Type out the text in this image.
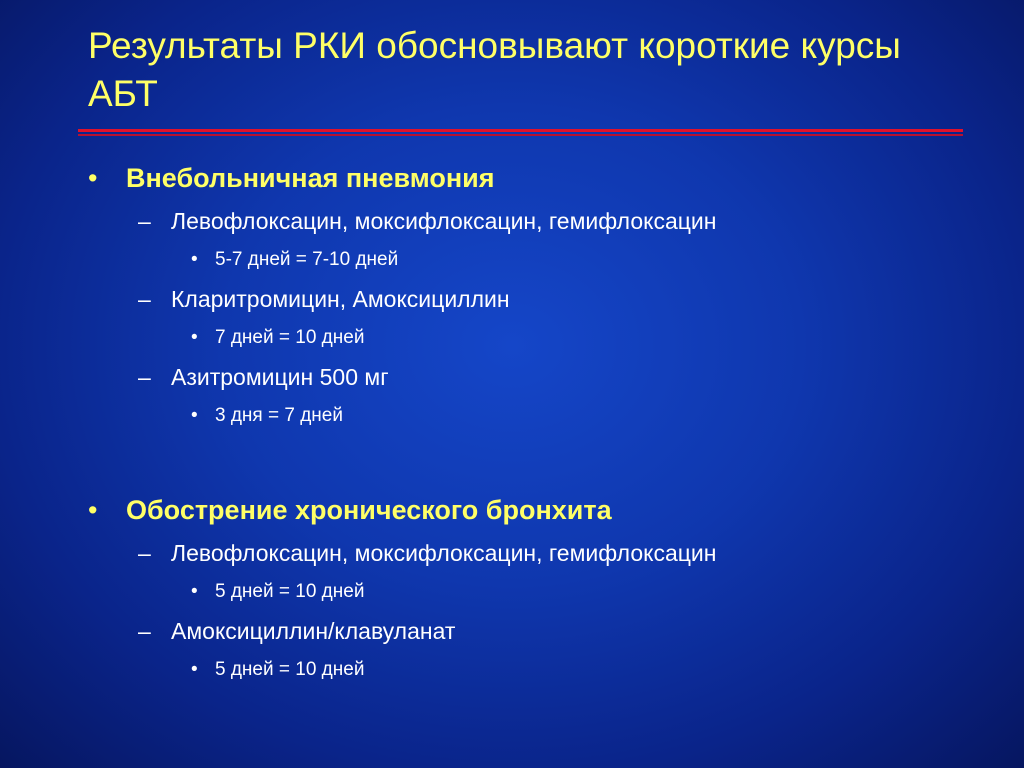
Результаты РКИ обосновывают короткие курсы АБТ
• Внебольничная пневмония
– Левофлоксацин, моксифлоксацин, гемифлоксацин
• 5-7 дней = 7-10 дней
– Кларитромицин, Амоксициллин
• 7 дней = 10 дней
– Азитромицин 500 мг
• 3 дня = 7 дней
• Обострение хронического бронхита
– Левофлоксацин, моксифлоксацин, гемифлоксацин
• 5 дней = 10 дней
– Амоксициллин/клавуланат
• 5 дней = 10 дней
